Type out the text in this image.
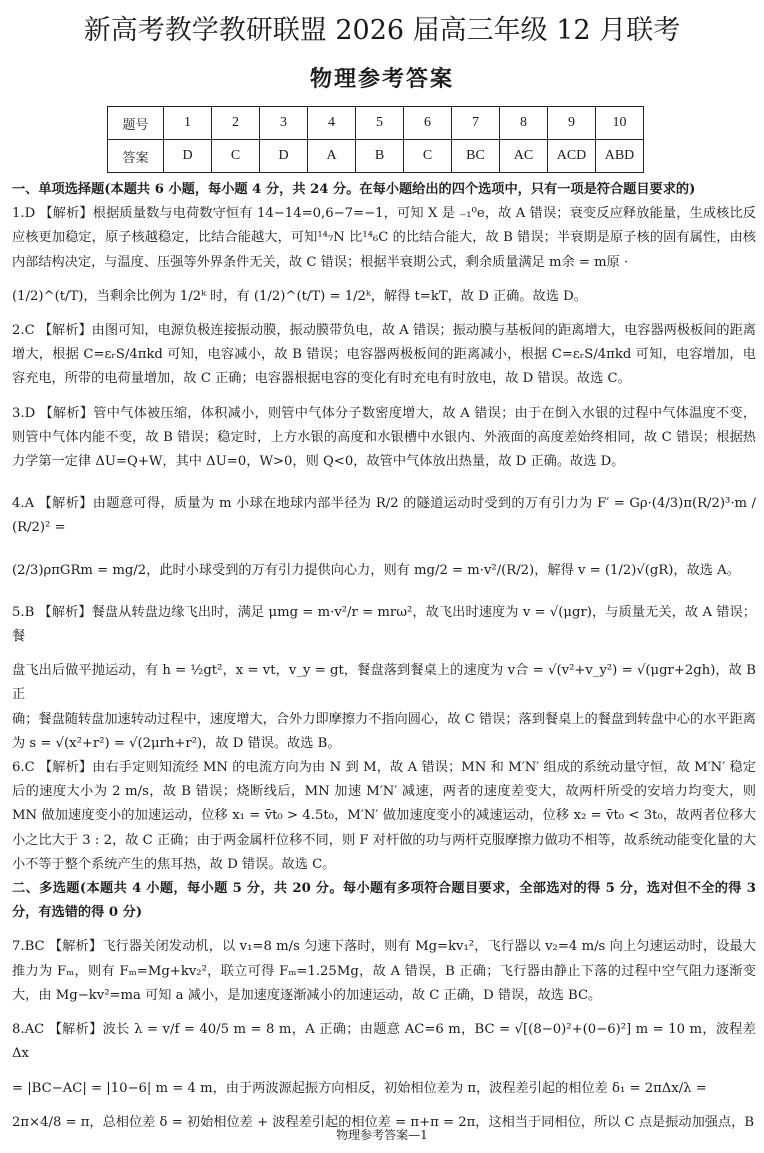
新高考教学教研联盟 2026 届高三年级 12 月联考
物理参考答案
题号	1	2	3	4	5	6	7	8	9	10
答案	D	C	D	A	B	C	BC	AC	ACD	ABD

一、单项选择题(本题共 6 小题，每小题 4 分，共 24 分。在每小题给出的四个选项中，只有一项是符合题目要求的)

1.D 【解析】根据质量数与电荷数守恒有 14−14=0,6−7=−1，可知 X 是 ₋₁⁰e，故 A 错误；衰变反应释放能量，生成核比反应核更加稳定，原子核越稳定，比结合能越大，可知¹⁴₇N 比¹⁴₆C 的比结合能大，故 B 错误；半衰期是原子核的固有属性，由核内部结构决定，与温度、压强等外界条件无关，故 C 错误；根据半衰期公式，剩余质量满足 m余 = m原 ·

(1/2)^(t/T)，当剩余比例为 1/2ᵏ 时，有 (1/2)^(t/T) = 1/2ᵏ，解得 t=kT，故 D 正确。故选 D。

2.C 【解析】由图可知，电源负极连接振动膜，振动膜带负电，故 A 错误；振动膜与基板间的距离增大，电容器两极板间的距离增大，根据 C=εᵣS/4πkd 可知，电容减小，故 B 错误；电容器两极板间的距离减小，根据 C=εᵣS/4πkd 可知，电容增加，电容充电，所带的电荷量增加，故 C 正确；电容器根据电容的变化有时充电有时放电，故 D 错误。故选 C。

3.D 【解析】管中气体被压缩，体积减小，则管中气体分子数密度增大，故 A 错误；由于在倒入水银的过程中气体温度不变，则管中气体内能不变，故 B 错误；稳定时，上方水银的高度和水银槽中水银内、外液面的高度差始终相同，故 C 错误；根据热力学第一定律 ΔU=Q+W，其中 ΔU=0，W>0，则 Q<0，故管中气体放出热量，故 D 正确。故选 D。

4.A 【解析】由题意可得，质量为 m 小球在地球内部半径为 R/2 的隧道运动时受到的万有引力为 F′ = Gρ·(4/3)π(R/2)³·m / (R/2)² =

(2/3)ρπGRm = mg/2，此时小球受到的万有引力提供向心力，则有 mg/2 = m·v²/(R/2)，解得 v = (1/2)√(gR)，故选 A。

5.B 【解析】餐盘从转盘边缘飞出时，满足 μmg = m·v²/r = mrω²，故飞出时速度为 v = √(μgr)，与质量无关，故 A 错误；餐

盘飞出后做平抛运动，有 h = ½gt²，x = vt，v_y = gt，餐盘落到餐桌上的速度为 v合 = √(v²+v_y²) = √(μgr+2gh)，故 B 正

确；餐盘随转盘加速转动过程中，速度增大，合外力即摩擦力不指向圆心，故 C 错误；落到餐桌上的餐盘到转盘中心的水平距离为 s = √(x²+r²) = √(2μrh+r²)，故 D 错误。故选 B。

6.C 【解析】由右手定则知流经 MN 的电流方向为由 N 到 M，故 A 错误；MN 和 M′N′ 组成的系统动量守恒，故 M′N′ 稳定后的速度大小为 2 m/s，故 B 错误；烧断线后，MN 加速 M′N′ 减速，两者的速度差变大，故两杆所受的安培力均变大，则 MN 做加速度变小的加速运动，位移 x₁ = v̄t₀ > 4.5t₀，M′N′ 做加速度变小的减速运动，位移 x₂ = v̄t₀ < 3t₀，故两者位移大小之比大于 3 : 2，故 C 正确；由于两金属杆位移不同，则 F 对杆做的功与两杆克服摩擦力做功不相等，故系统动能变化量的大小不等于整个系统产生的焦耳热，故 D 错误。故选 C。

二、多选题(本题共 4 小题，每小题 5 分，共 20 分。每小题有多项符合题目要求，全部选对的得 5 分，选对但不全的得 3 分，有选错的得 0 分)

7.BC 【解析】飞行器关闭发动机，以 v₁=8 m/s 匀速下落时，则有 Mg=kv₁²，飞行器以 v₂=4 m/s 向上匀速运动时，设最大推力为 Fₘ，则有 Fₘ=Mg+kv₂²，联立可得 Fₘ=1.25Mg，故 A 错误，B 正确；飞行器由静止下落的过程中空气阻力逐渐变大，由 Mg−kv²=ma 可知 a 减小，是加速度逐渐减小的加速运动，故 C 正确，D 错误，故选 BC。

8.AC 【解析】波长 λ = v/f = 40/5 m = 8 m，A 正确；由题意 AC=6 m，BC = √[(8−0)²+(0−6)²] m = 10 m，波程差 Δx

= |BC−AC| = |10−6| m = 4 m，由于两波源起振方向相反，初始相位差为 π，波程差引起的相位差 δ₁ = 2πΔx/λ =

2π×4/8 = π，总相位差 δ = 初始相位差 + 波程差引起的相位差 = π+π = 2π，这相当于同相位，所以 C 点是振动加强点，B

物理参考答案—1
